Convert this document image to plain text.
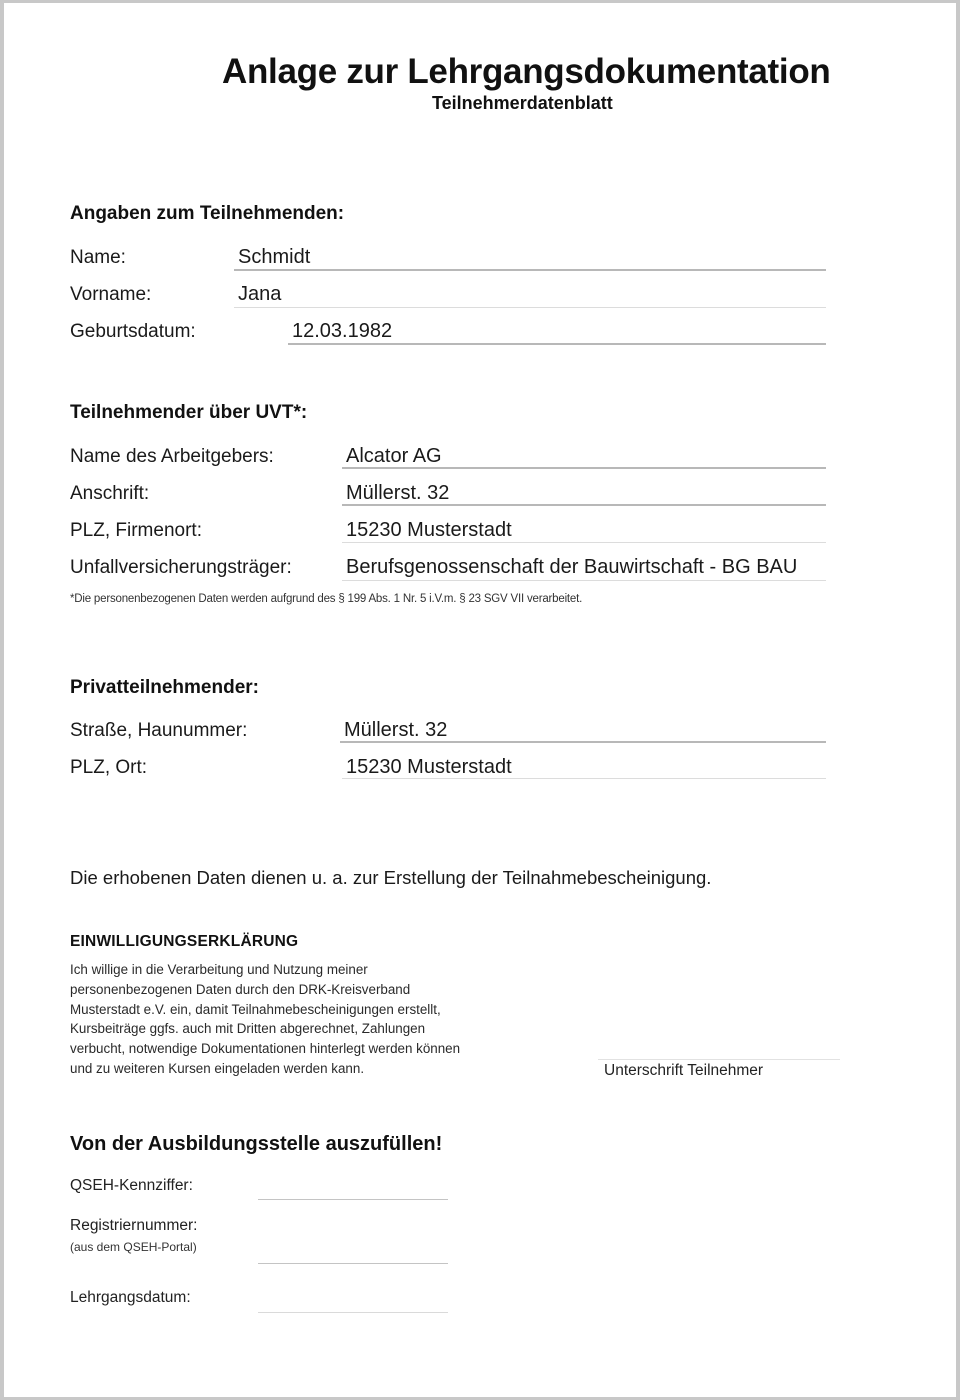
Anlage zur Lehrgangsdokumentation
Teilnehmerdatenblatt
Angaben zum Teilnehmenden:
Name:	Schmidt
Vorname:	Jana
Geburtsdatum:	12.03.1982
Teilnehmender über UVT*:
Name des Arbeitgebers:	Alcator AG
Anschrift:	Müllerst. 32
PLZ, Firmenort:	15230 Musterstadt
Unfallversicherungsträger:	Berufsgenossenschaft der Bauwirtschaft - BG BAU
*Die personenbezogenen Daten werden aufgrund des § 199 Abs. 1 Nr. 5 i.V.m. § 23 SGV VII verarbeitet.
Privatteilnehmender:
Straße, Haunummer:	Müllerst. 32
PLZ, Ort:	15230 Musterstadt
Die erhobenen Daten dienen u. a. zur Erstellung der Teilnahmebescheinigung.
EINWILLIGUNGSERKLÄRUNG
Ich willige in die Verarbeitung und Nutzung meiner
personenbezogenen Daten durch den DRK-Kreisverband
Musterstadt e.V. ein, damit Teilnahmebescheinigungen erstellt,
Kursbeiträge ggfs. auch mit Dritten abgerechnet, Zahlungen
verbucht, notwendige Dokumentationen hinterlegt werden können
und zu weiteren Kursen eingeladen werden kann.	Unterschrift Teilnehmer
Von der Ausbildungsstelle auszufüllen!
QSEH-Kennziffer:
Registriernummer:
(aus dem QSEH-Portal)
Lehrgangsdatum:
